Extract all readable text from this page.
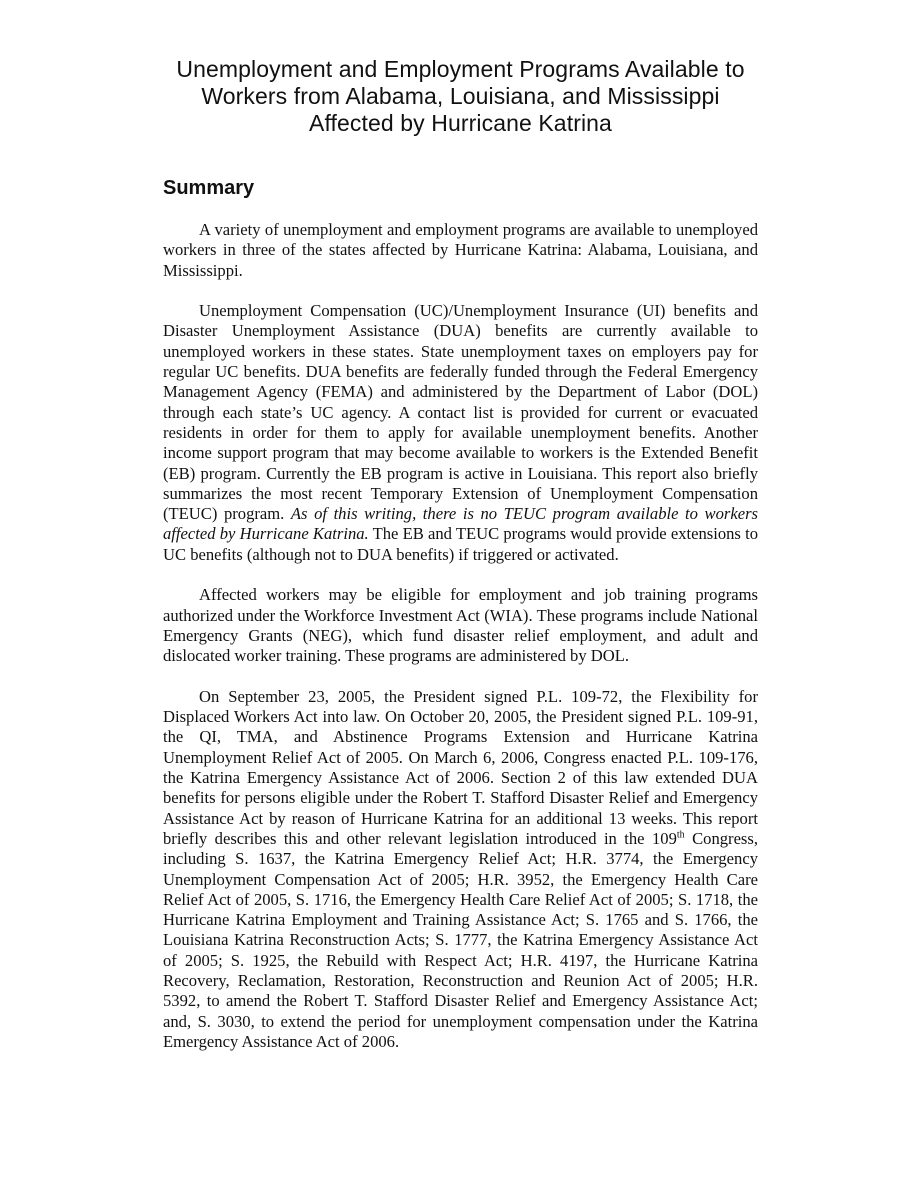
Unemployment and Employment Programs Available to
Workers from Alabama, Louisiana, and Mississippi
Affected by Hurricane Katrina
Summary

A variety of unemployment and employment programs are available to unemployed workers in three of the states affected by Hurricane Katrina: Alabama, Louisiana, and Mississippi.

Unemployment Compensation (UC)/Unemployment Insurance (UI) benefits and Disaster Unemployment Assistance (DUA) benefits are currently available to unemployed workers in these states. State unemployment taxes on employers pay for regular UC benefits. DUA benefits are federally funded through the Federal Emergency Management Agency (FEMA) and administered by the Department of Labor (DOL) through each state’s UC agency. A contact list is provided for current or evacuated residents in order for them to apply for available unemployment benefits. Another income support program that may become available to workers is the Extended Benefit (EB) program. Currently the EB program is active in Louisiana. This report also briefly summarizes the most recent Temporary Extension of Unemployment Compensation (TEUC) program. As of this writing, there is no TEUC program available to workers affected by Hurricane Katrina. The EB and TEUC programs would provide extensions to UC benefits (although not to DUA benefits) if triggered or activated.

Affected workers may be eligible for employment and job training programs authorized under the Workforce Investment Act (WIA). These programs include National Emergency Grants (NEG), which fund disaster relief employment, and adult and dislocated worker training. These programs are administered by DOL.

On September 23, 2005, the President signed P.L. 109-72, the Flexibility for Displaced Workers Act into law. On October 20, 2005, the President signed P.L. 109-91, the QI, TMA, and Abstinence Programs Extension and Hurricane Katrina Unemployment Relief Act of 2005. On March 6, 2006, Congress enacted P.L. 109-176, the Katrina Emergency Assistance Act of 2006. Section 2 of this law extended DUA benefits for persons eligible under the Robert T. Stafford Disaster Relief and Emergency Assistance Act by reason of Hurricane Katrina for an additional 13 weeks. This report briefly describes this and other relevant legislation introduced in the 109th Congress, including S. 1637, the Katrina Emergency Relief Act; H.R. 3774, the Emergency Unemployment Compensation Act of 2005; H.R. 3952, the Emergency Health Care Relief Act of 2005, S. 1716, the Emergency Health Care Relief Act of 2005; S. 1718, the Hurricane Katrina Employment and Training Assistance Act; S. 1765 and S. 1766, the Louisiana Katrina Reconstruction Acts; S. 1777, the Katrina Emergency Assistance Act of 2005; S. 1925, the Rebuild with Respect Act; H.R. 4197, the Hurricane Katrina Recovery, Reclamation, Restoration, Reconstruction and Reunion Act of 2005; H.R. 5392, to amend the Robert T. Stafford Disaster Relief and Emergency Assistance Act; and, S. 3030, to extend the period for unemployment compensation under the Katrina Emergency Assistance Act of 2006.
